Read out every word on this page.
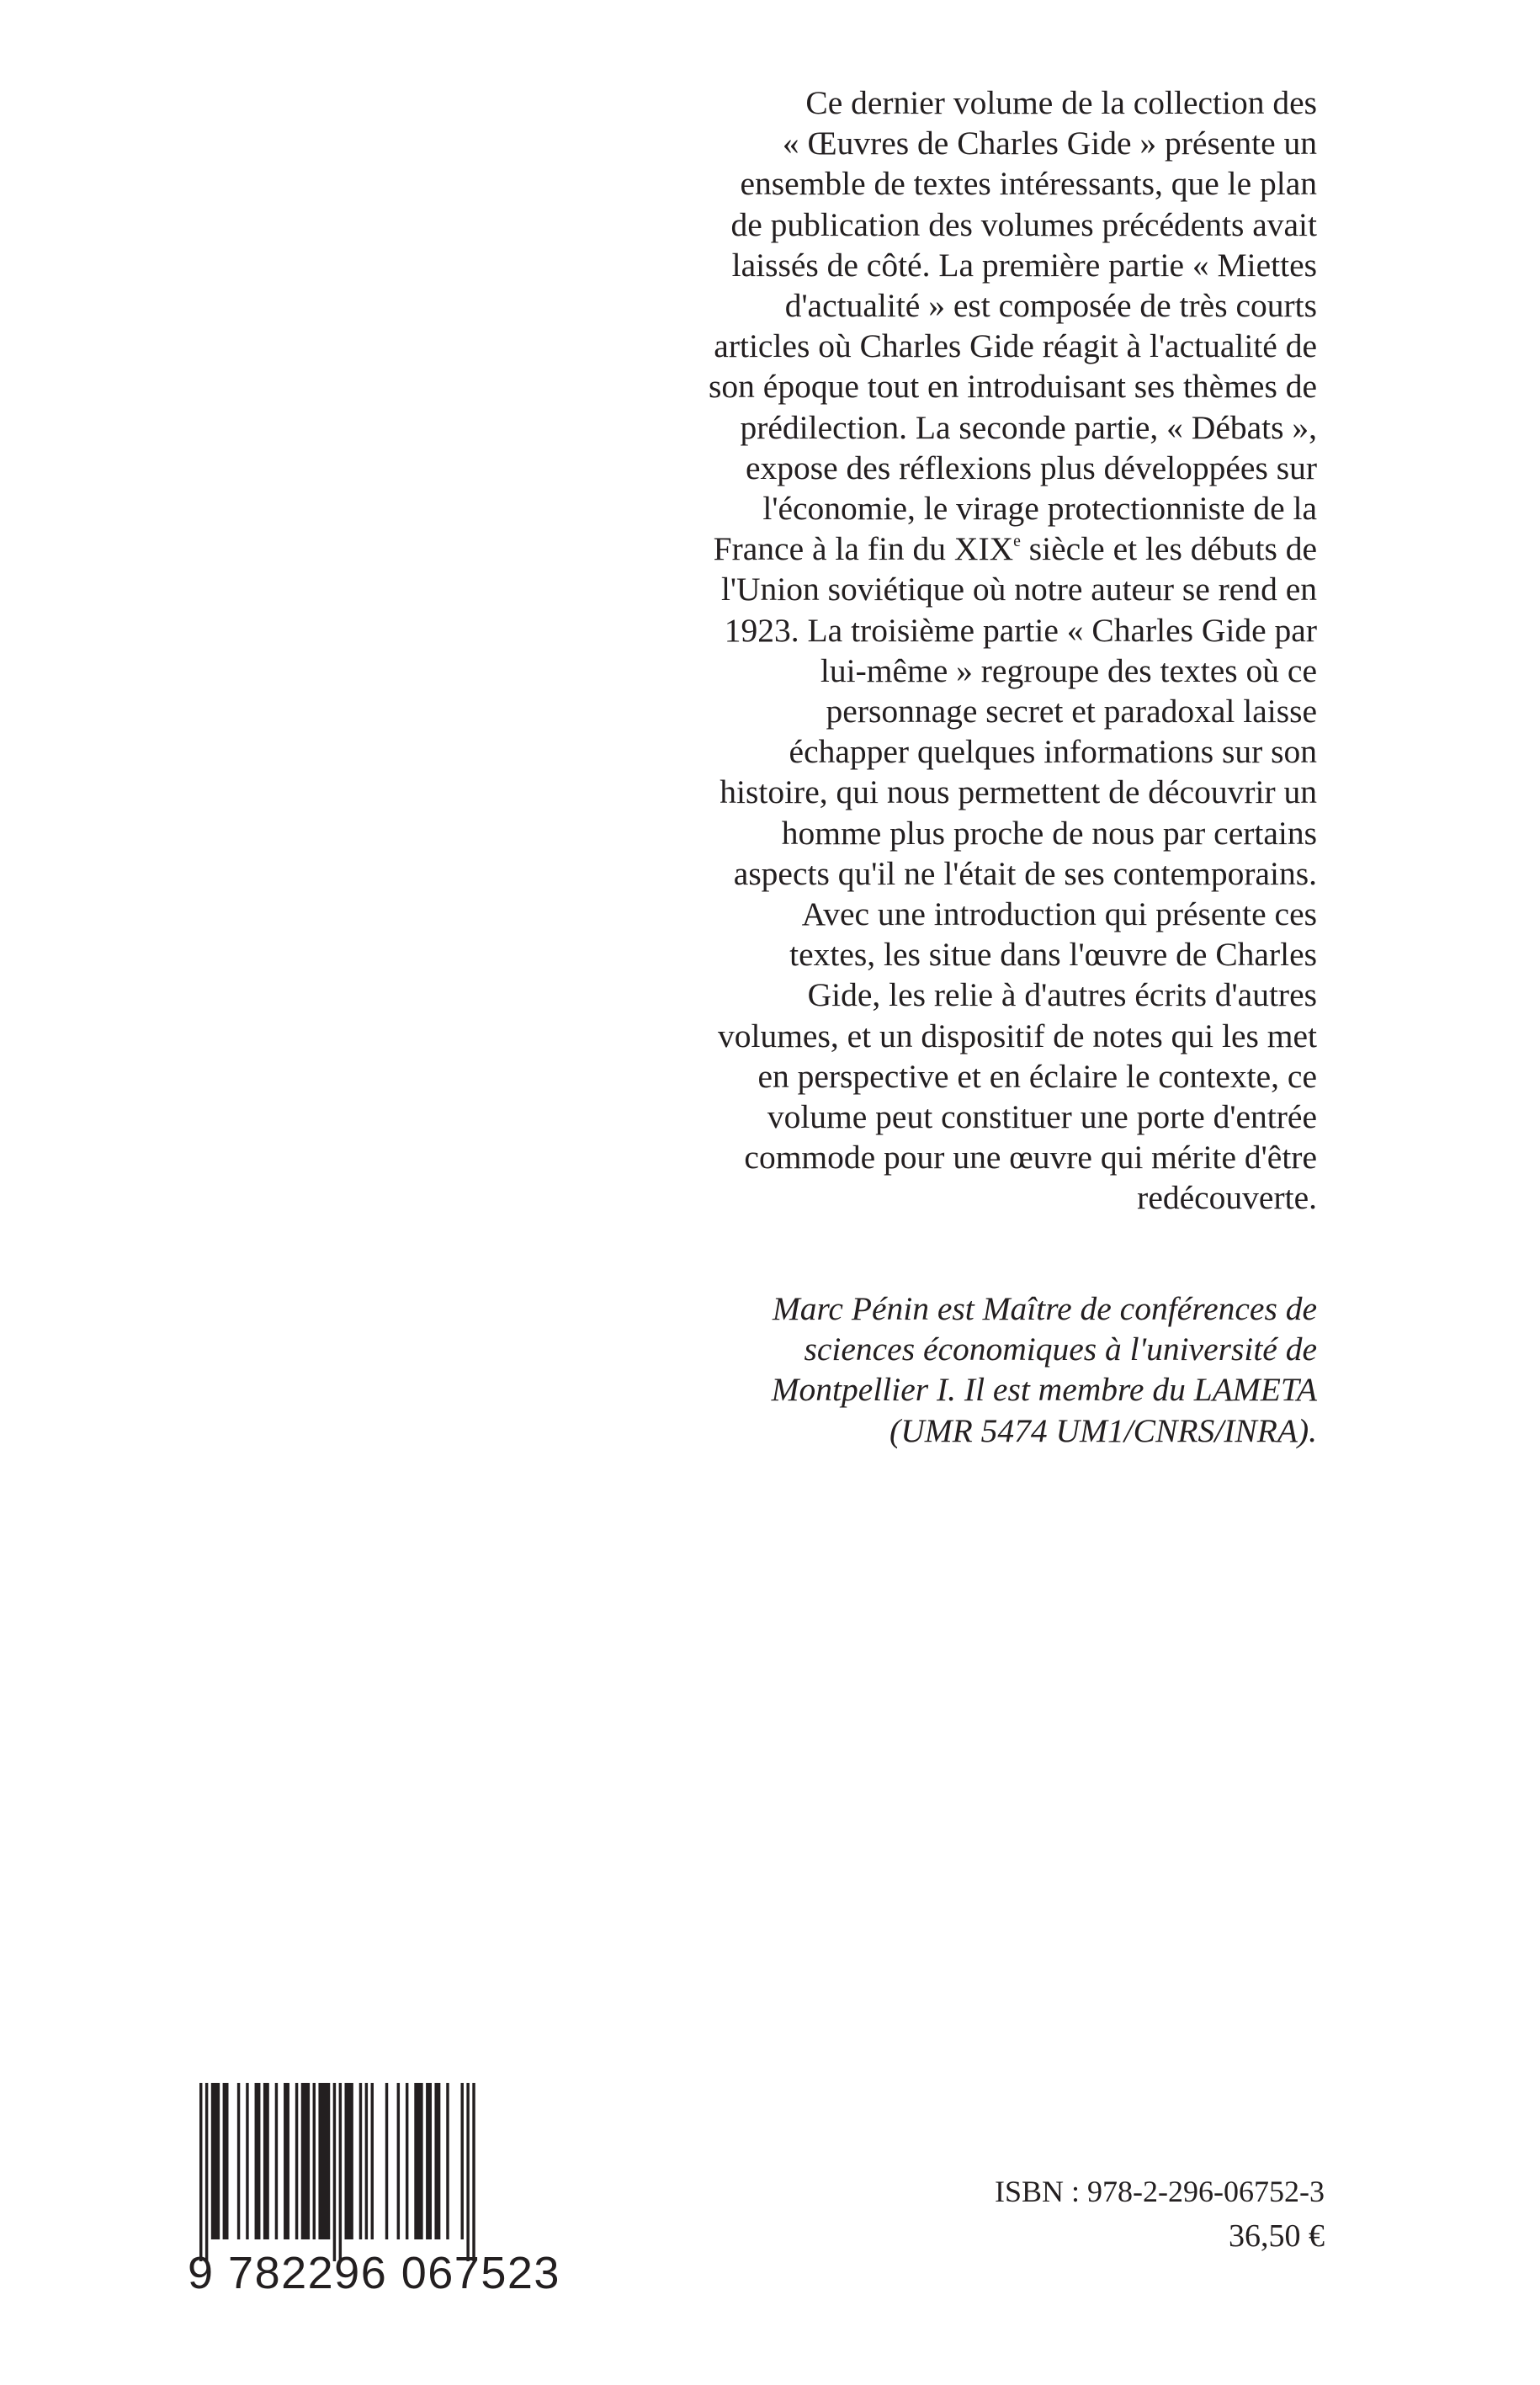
Ce dernier volume de la collection des
« Œuvres de Charles Gide » présente un
ensemble de textes intéressants, que le plan
de publication des volumes précédents avait
laissés de côté. La première partie « Miettes
d'actualité » est composée de très courts
articles où Charles Gide réagit à l'actualité de
son époque tout en introduisant ses thèmes de
prédilection. La seconde partie, « Débats »,
expose des réflexions plus développées sur
l'économie, le virage protectionniste de la
France à la fin du XIXe siècle et les débuts de
l'Union soviétique où notre auteur se rend en
1923. La troisième partie « Charles Gide par
lui-même » regroupe des textes où ce
personnage secret et paradoxal laisse
échapper quelques informations sur son
histoire, qui nous permettent de découvrir un
homme plus proche de nous par certains
aspects qu'il ne l'était de ses contemporains.
Avec une introduction qui présente ces
textes, les situe dans l'œuvre de Charles
Gide, les relie à d'autres écrits d'autres
volumes, et un dispositif de notes qui les met
en perspective et en éclaire le contexte, ce
volume peut constituer une porte d'entrée
commode pour une œuvre qui mérite d'être
redécouverte.
Marc Pénin est Maître de conférences de
sciences économiques à l'université de
Montpellier I. Il est membre du LAMETA
(UMR 5474 UM1/CNRS/INRA).
9 782296 067523
ISBN : 978-2-296-06752-3
36,50 €
